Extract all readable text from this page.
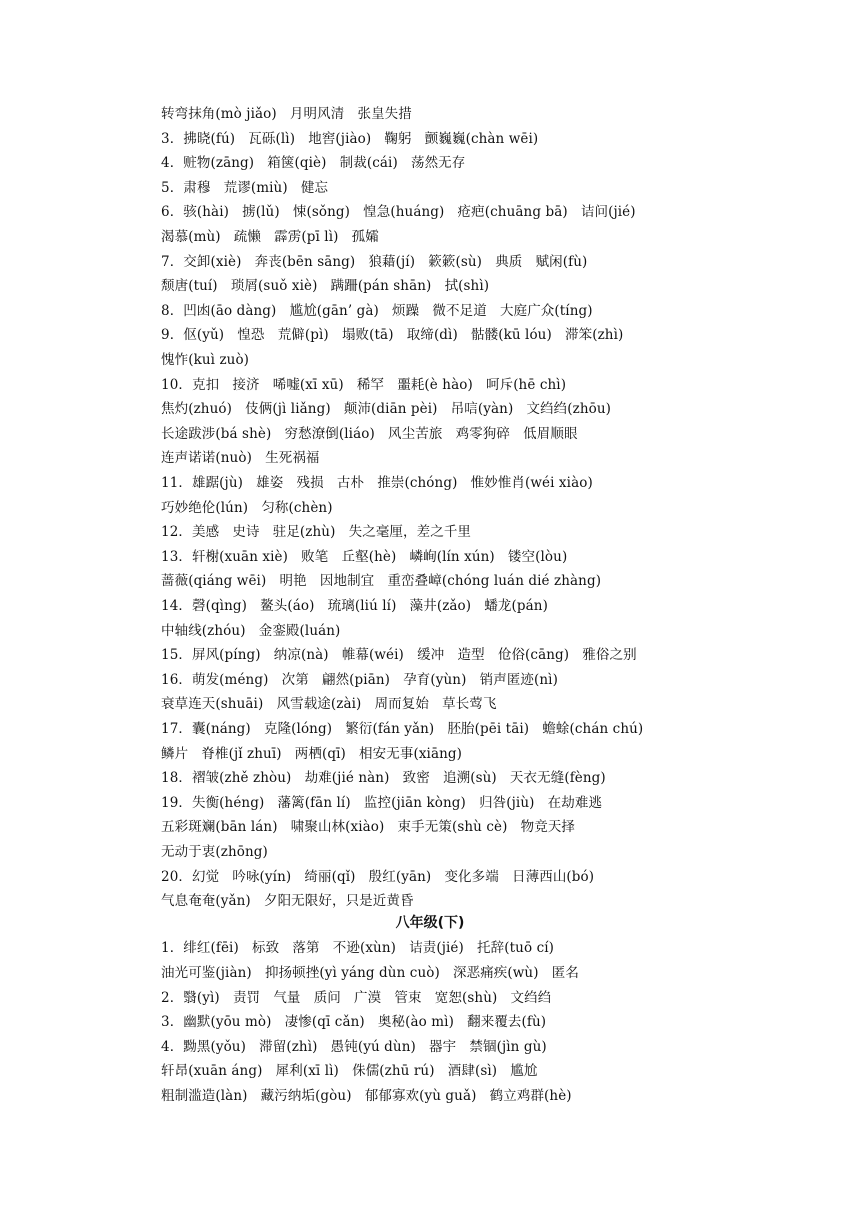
转弯抹角(mò jiǎo)   月明风清   张皇失措
3．拂晓(fú)   瓦砾(lì)   地窖(jiào)   鞠躬   颤巍巍(chàn wēi)
4．赃物(zāng)   箱箧(qiè)   制裁(cái)   荡然无存
5．肃穆   荒谬(miù)   健忘
6．骇(hài)   掳(lǔ)   悚(sǒng)   惶急(huáng)   疮疤(chuāng bā)   诘问(jié)
渴慕(mù)   疏懒   霹雳(pī lì)   孤孀
7．交卸(xiè)   奔丧(bēn sāng)   狼藉(jí)   簌簌(sù)   典质   赋闲(fù)
颓唐(tuí)   琐屑(suǒ xiè)   蹒跚(pán shān)   拭(shì)
8．凹凼(āo dàng)   尴尬(gān’ gà)   烦躁   微不足道   大庭广众(tíng)
9．伛(yǔ)   惶恐   荒僻(pì)   塌败(tā)   取缔(dì)   骷髅(kū lóu)   滞笨(zhì)
愧怍(kuì zuò)
10．克扣   接济   唏嘘(xī xū)   稀罕   噩耗(è hào)   呵斥(hē chì)
焦灼(zhuó)   伎俩(jì liǎng)   颠沛(diān pèi)   吊唁(yàn)   文绉绉(zhōu)
长途跋涉(bá shè)   穷愁潦倒(liáo)   风尘苦旅   鸡零狗碎   低眉顺眼
连声诺诺(nuò)   生死祸福
11．雄踞(jù)   雄姿   残损   古朴   推崇(chóng)   惟妙惟肖(wéi xiào)
巧妙绝伦(lún)   匀称(chèn)
12．美感   史诗   驻足(zhù)   失之毫厘，差之千里
13．轩榭(xuān xiè)   败笔   丘壑(hè)   嶙峋(lín xún)   镂空(lòu)
蔷薇(qiáng wēi)   明艳   因地制宜   重峦叠嶂(chóng luán dié zhàng)
14．磬(qìng)   鳌头(áo)   琉璃(liú lí)   藻井(zǎo)   蟠龙(pán)
中轴线(zhóu)   金銮殿(luán)
15．屏风(píng)   纳凉(nà)   帷幕(wéi)   缓冲   造型   伧俗(cāng)   雅俗之别
16．萌发(méng)   次第   翩然(piān)   孕育(yùn)   销声匿迹(nì)
衰草连天(shuāi)   风雪载途(zài)   周而复始   草长莺飞
17．囊(náng)   克隆(lóng)   繁衍(fán yǎn)   胚胎(pēi tāi)   蟾蜍(chán chú)
鳞片   脊椎(jǐ zhuī)   两栖(qī)   相安无事(xiāng)
18．褶皱(zhě zhòu)   劫难(jié nàn)   致密   追溯(sù)   天衣无缝(fèng)
19．失衡(héng)   藩篱(fān lí)   监控(jiān kòng)   归咎(jiù)   在劫难逃
五彩斑斓(bān lán)   啸聚山林(xiào)   束手无策(shù cè)   物竞天择
无动于衷(zhōng)
20．幻觉   吟咏(yín)   绮丽(qǐ)   殷红(yān)   变化多端   日薄西山(bó)
气息奄奄(yǎn)   夕阳无限好，只是近黄昏
八年级(下)
1．绯红(fēi)   标致   落第   不逊(xùn)   诘责(jié)   托辞(tuō cí)
油光可鉴(jiàn)   抑扬顿挫(yì yáng dùn cuò)   深恶痛疾(wù)   匿名
2．翳(yì)   责罚   气量   质问   广漠   管束   宽恕(shù)   文绉绉
3．幽默(yōu mò)   凄惨(qī cǎn)   奥秘(ào mì)   翻来覆去(fù)
4．黝黑(yǒu)   滞留(zhì)   愚钝(yú dùn)   器宇   禁锢(jìn gù)
轩昂(xuān áng)   犀利(xī lì)   侏儒(zhū rú)   酒肆(sì)   尴尬
粗制滥造(làn)   藏污纳垢(gòu)   郁郁寡欢(yù guǎ)   鹤立鸡群(hè)
